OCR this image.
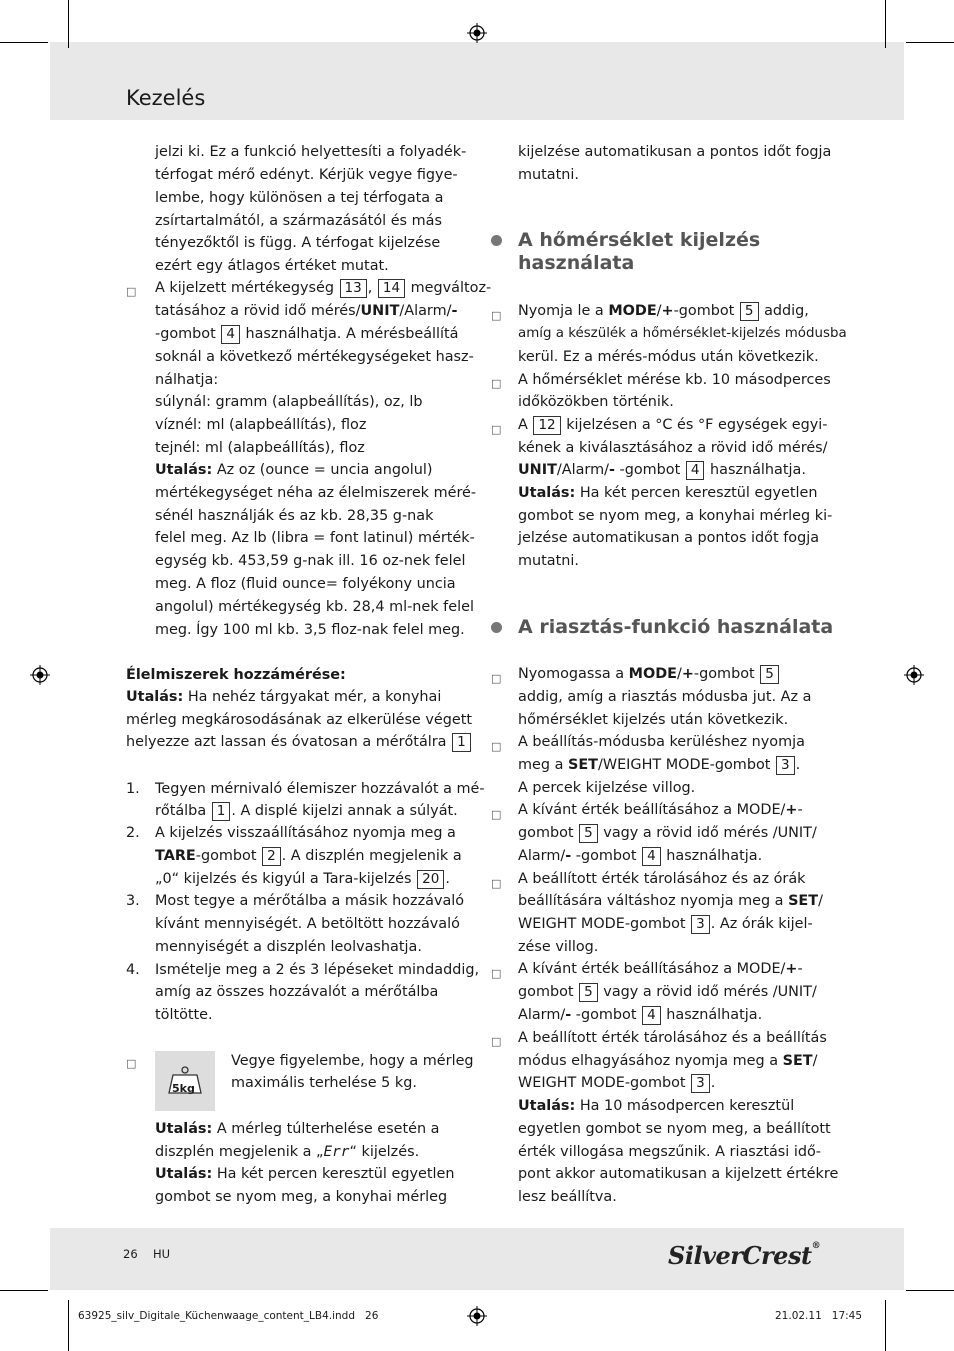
Kezelés
jelzi ki. Ez a funkció helyettesíti a folyadék-
térfogat mérő edényt. Kérjük vegye figye-
lembe, hogy különösen a tej térfogata a
zsírtartalmától, a származásától és más
tényezőktől is függ. A térfogat kijelzése
ezért egy átlagos értéket mutat.
□ A kijelzett mértékegység 13 , 14 megváltoz-
tatásához a rövid idő mérés/UNIT/Alarm/-
-gombot 4 használhatja. A mérésbeállítá
soknál a következő mértékegységeket hasz-
nálhatja:
súlynál: gramm (alapbeállítás), oz, lb
víznél: ml (alapbeállítás), floz
tejnél: ml (alapbeállítás), floz
Utalás: Az oz (ounce = uncia angolul)
mértékegységet néha az élelmiszerek méré-
sénél használják és az kb. 28,35 g-nak
felel meg. Az lb (libra = font latinul) mérték-
egység kb. 453,59 g-nak ill. 16 oz-nek felel
meg. A floz (fluid ounce= folyékony uncia
angolul) mértékegység kb. 28,4 ml-nek felel
meg. Így 100 ml kb. 3,5 floz-nak felel meg.
Élelmiszerek hozzámérése:
Utalás: Ha nehéz tárgyakat mér, a konyhai
mérleg megkárosodásának az elkerülése végett
helyezze azt lassan és óvatosan a mérőtálra 1
1. Tegyen mérnivaló élemiszer hozzávalót a mé-
rőtálba 1 . A displé kijelzi annak a súlyát.
2. A kijelzés visszaállításához nyomja meg a
TARE-gombot 2 . A diszplén megjelenik a
„0“ kijelzés és kigyúl a Tara-kijelzés 20 .
3. Most tegye a mérőtálba a másik hozzávaló
kívánt mennyiségét. A betöltött hozzávaló
mennyiségét a diszplén leolvashatja.
4. Ismételje meg a 2 és 3 lépéseket mindaddig,
amíg az összes hozzávalót a mérőtálba
töltötte.
□
5kg
Vegye figyelembe, hogy a mérleg
maximális terhelése 5 kg.
Utalás: A mérleg túlterhelése esetén a
diszplén megjelenik a „Err“ kijelzés.
Utalás: Ha két percen keresztül egyetlen
gombot se nyom meg, a konyhai mérleg
kijelzése automatikusan a pontos időt fogja
mutatni.
A hőmérséklet kijelzés
használata
□ Nyomja le a MODE/+-gombot 5 addig,
amíg a készülék a hőmérséklet-kijelzés módusba
kerül. Ez a mérés-módus után következik.
□ A hőmérséklet mérése kb. 10 másodperces
időközökben történik.
□ A 12 kijelzésen a °C és °F egységek egyi-
kének a kiválasztásához a rövid idő mérés/
UNIT/Alarm/- -gombot 4 használhatja.
Utalás: Ha két percen keresztül egyetlen
gombot se nyom meg, a konyhai mérleg ki-
jelzése automatikusan a pontos időt fogja
mutatni.
A riasztás-funkció használata
□ Nyomogassa a MODE/+-gombot 5
addig, amíg a riasztás módusba jut. Az a
hőmérséklet kijelzés után következik.
□ A beállítás-módusba kerüléshez nyomja
meg a SET/WEIGHT MODE-gombot 3 .
A percek kijelzése villog.
□ A kívánt érték beállításához a MODE/+-
gombot 5 vagy a rövid idő mérés /UNIT/
Alarm/- -gombot 4 használhatja.
□ A beállított érték tárolásához és az órák
beállítására váltáshoz nyomja meg a SET/
WEIGHT MODE-gombot 3 . Az órák kijel-
zése villog.
□ A kívánt érték beállításához a MODE/+-
gombot 5 vagy a rövid idő mérés /UNIT/
Alarm/- -gombot 4 használhatja.
□ A beállított érték tárolásához és a beállítás
módus elhagyásához nyomja meg a SET/
WEIGHT MODE-gombot 3 .
Utalás: Ha 10 másodpercen keresztül
egyetlen gombot se nyom meg, a beállított
érték villogása megszűnik. A riasztási idő-
pont akkor automatikusan a kijelzett értékre
lesz beállítva.
26 HU	SilverCrest®
63925_silv_Digitale_Küchenwaage_content_LB4.indd   26	21.02.11   17:45
